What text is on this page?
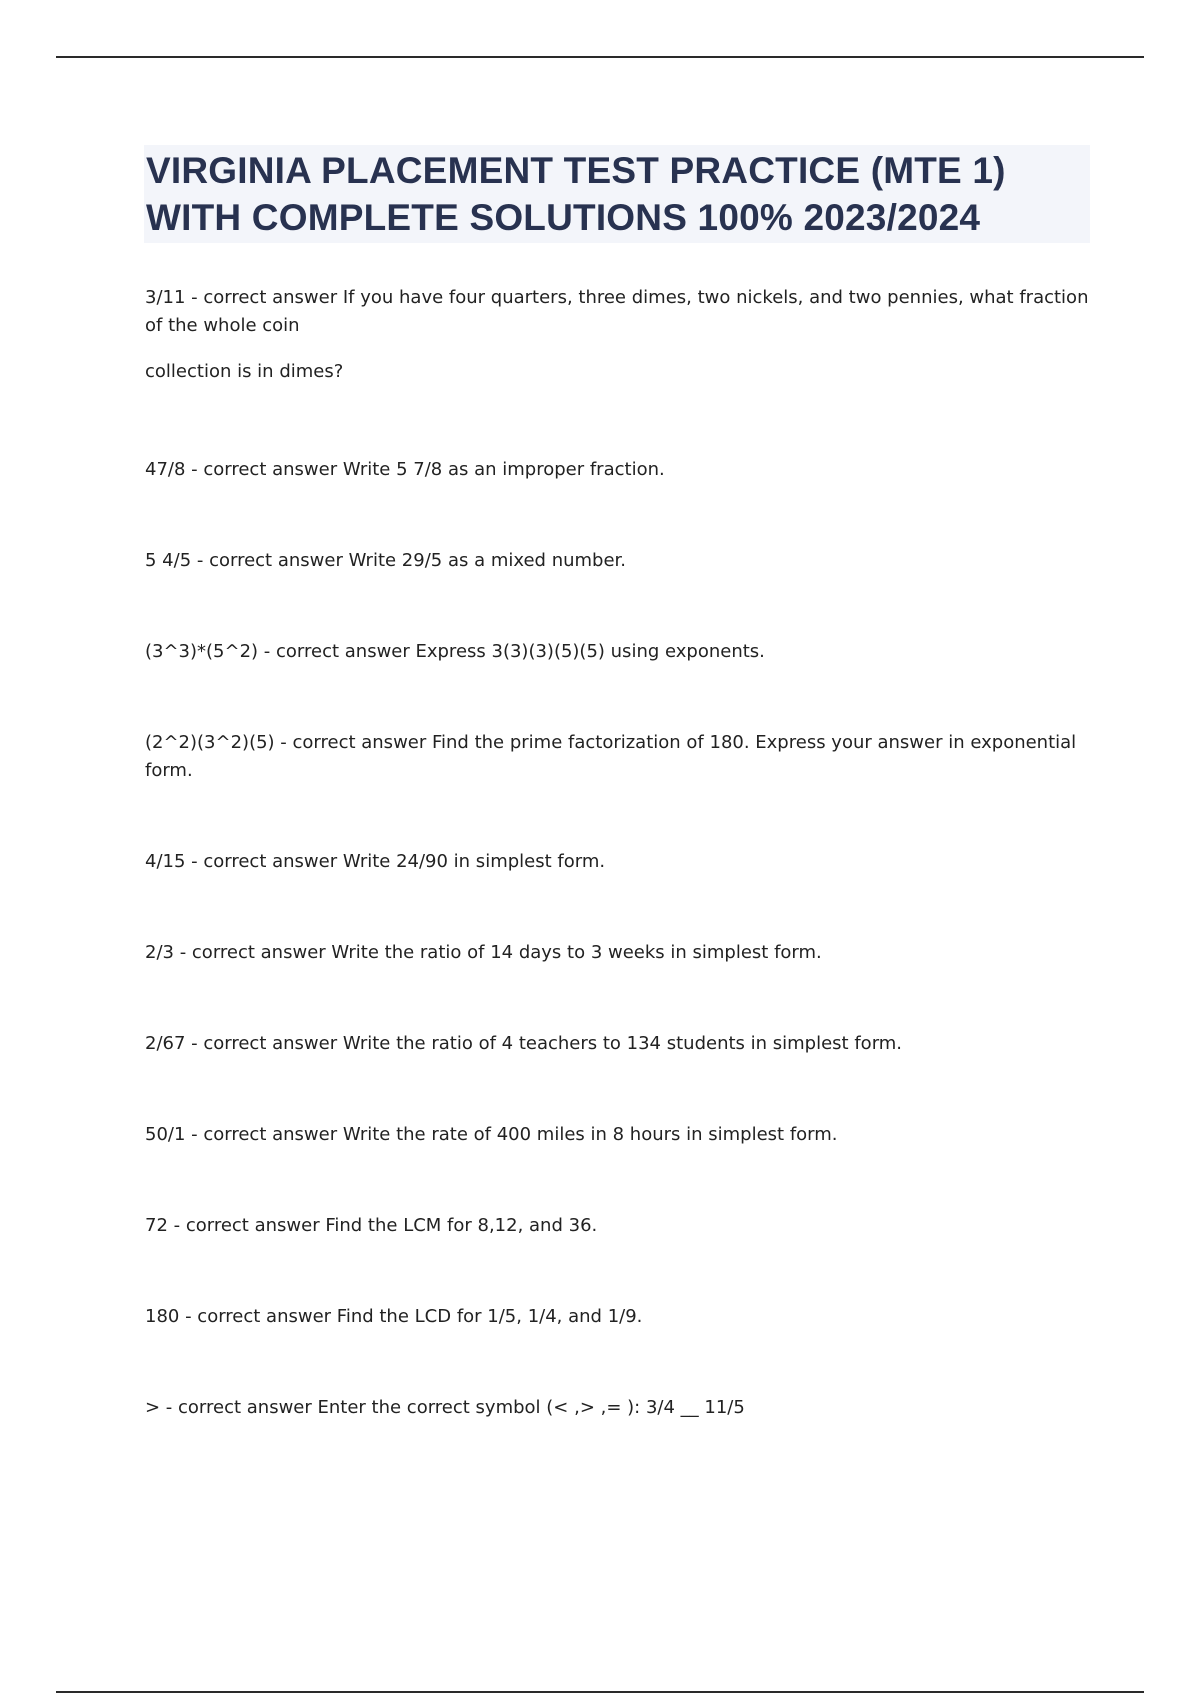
VIRGINIA PLACEMENT TEST PRACTICE (MTE 1)
WITH COMPLETE SOLUTIONS 100% 2023/2024

3/11 - correct answer If you have four quarters, three dimes, two nickels, and two pennies, what fraction of the whole coin

collection is in dimes?

47/8 - correct answer Write 5 7/8 as an improper fraction.

5 4/5 - correct answer Write 29/5 as a mixed number.

(3^3)*(5^2) - correct answer Express 3(3)(3)(5)(5) using exponents.

(2^2)(3^2)(5) - correct answer Find the prime factorization of 180. Express your answer in exponential form.

4/15 - correct answer Write 24/90 in simplest form.

2/3 - correct answer Write the ratio of 14 days to 3 weeks in simplest form.

2/67 - correct answer Write the ratio of 4 teachers to 134 students in simplest form.

50/1 - correct answer Write the rate of 400 miles in 8 hours in simplest form.

72 - correct answer Find the LCM for 8,12, and 36.

180 - correct answer Find the LCD for 1/5, 1/4, and 1/9.

> - correct answer Enter the correct symbol (< ,> ,= ): 3/4 __ 11/5
